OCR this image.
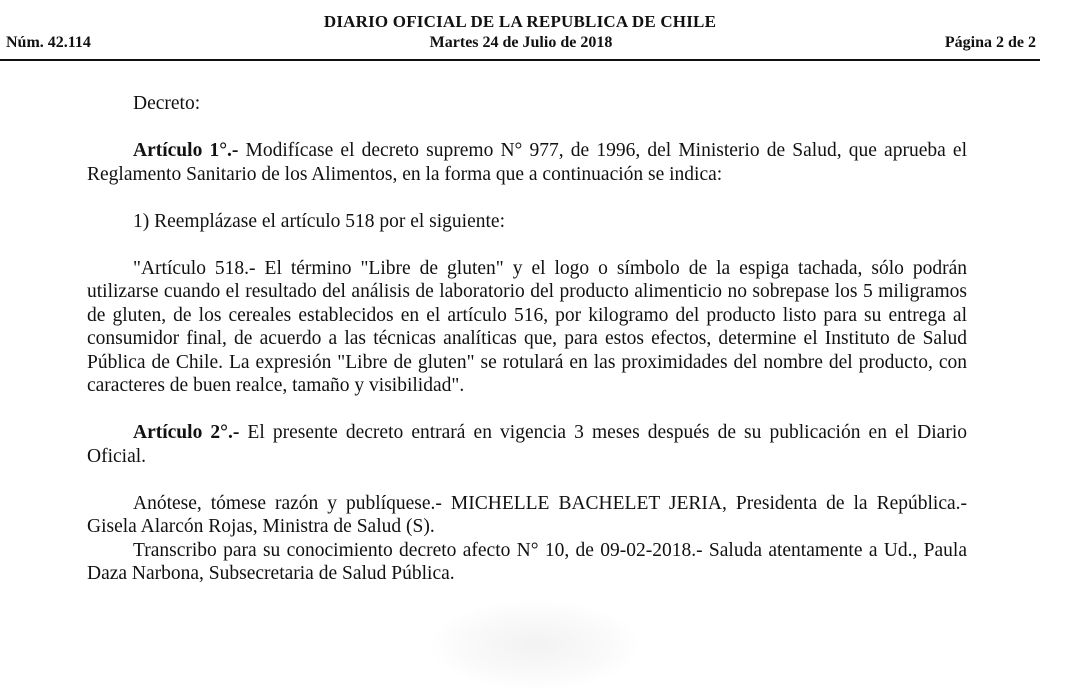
DIARIO OFICIAL DE LA REPUBLICA DE CHILE
Núm. 42.114	Martes 24 de Julio de 2018	Página 2 de 2

Decreto:

Artículo 1°.- Modifícase el decreto supremo N° 977, de 1996, del Ministerio de Salud, que aprueba el Reglamento Sanitario de los Alimentos, en la forma que a continuación se indica:

1) Reemplázase el artículo 518 por el siguiente:

"Artículo 518.- El término "Libre de gluten" y el logo o símbolo de la espiga tachada, sólo podrán utilizarse cuando el resultado del análisis de laboratorio del producto alimenticio no sobrepase los 5 miligramos de gluten, de los cereales establecidos en el artículo 516, por kilogramo del producto listo para su entrega al consumidor final, de acuerdo a las técnicas analíticas que, para estos efectos, determine el Instituto de Salud Pública de Chile. La expresión "Libre de gluten" se rotulará en las proximidades del nombre del producto, con caracteres de buen realce, tamaño y visibilidad".

Artículo 2°.- El presente decreto entrará en vigencia 3 meses después de su publicación en el Diario Oficial.

Anótese, tómese razón y publíquese.- MICHELLE BACHELET JERIA, Presidenta de la República.- Gisela Alarcón Rojas, Ministra de Salud (S).

Transcribo para su conocimiento decreto afecto N° 10, de 09-02-2018.- Saluda atentamente a Ud., Paula Daza Narbona, Subsecretaria de Salud Pública.
